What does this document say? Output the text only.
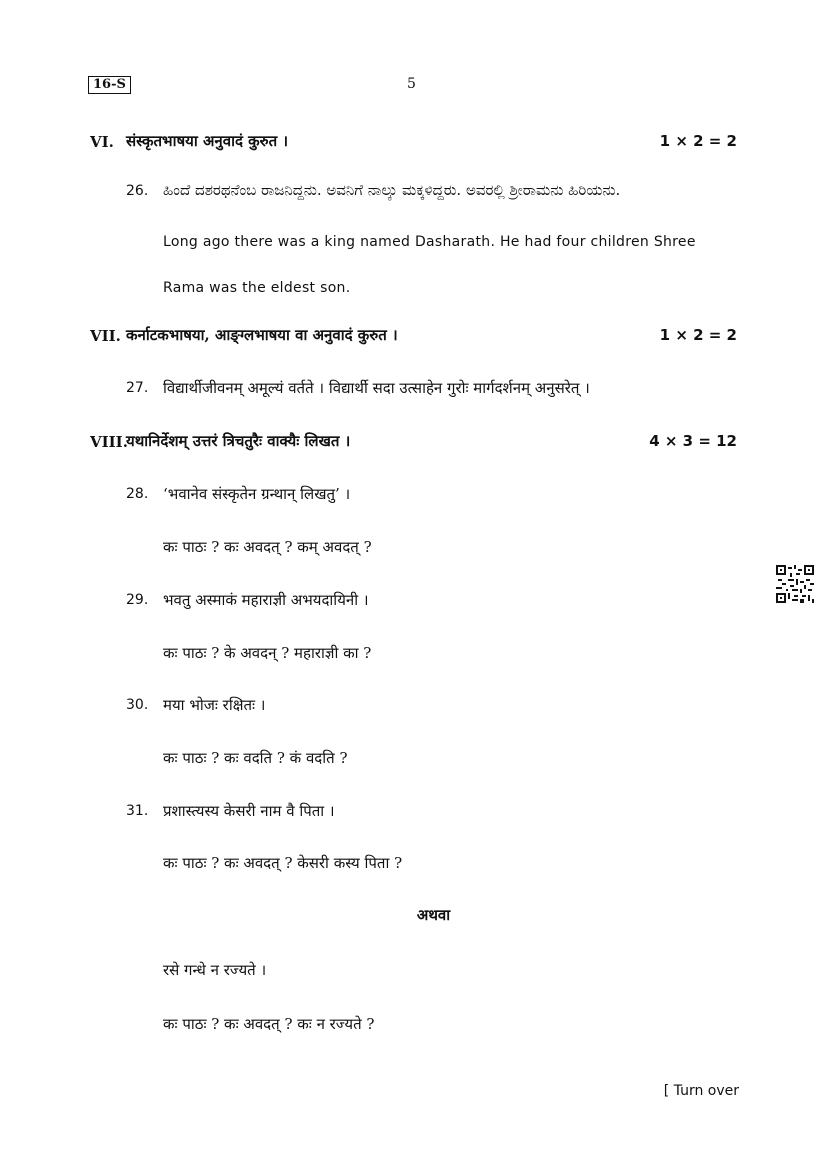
16-S	5
VI. संस्कृतभाषया अनुवादं कुरुत ।	1 × 2 = 2
26. ಹಿಂದೆ ದಶರಥನೆಂಬ ರಾಜನಿದ್ದನು. ಅವನಿಗೆ ನಾಲ್ಕು ಮಕ್ಕಳಿದ್ದರು. ಅವರಲ್ಲಿ ಶ್ರೀರಾಮನು ಹಿರಿಯನು.
Long ago there was a king named Dasharath. He had four children Shree
Rama was the eldest son.
VII. कर्नाटकभाषया, आङ्ग्लभाषया वा अनुवादं कुरुत ।	1 × 2 = 2
27. विद्यार्थीजीवनम् अमूल्यं वर्तते । विद्यार्थी सदा उत्साहेन गुरोः मार्गदर्शनम् अनुसरेत् ।
VIII.
यथानिर्देशम् उत्तरं त्रिचतुरैः वाक्यैः लिखत ।	4 × 3 = 12
28. ‘भवानेव संस्कृतेन ग्रन्थान् लिखतु’ ।
कः पाठः ? कः अवदत् ? कम् अवदत् ?
29. भवतु अस्माकं महाराज्ञी अभयदायिनी ।
कः पाठः ? के अवदन् ? महाराज्ञी का ?
30. मया भोजः रक्षितः ।
कः पाठः ? कः वदति ? कं वदति ?
31. प्रशास्त्यस्य केसरी नाम वै पिता ।
कः पाठः ? कः अवदत् ? केसरी कस्य पिता ?
अथवा
रसे गन्धे न रज्यते ।
कः पाठः ? कः अवदत् ? कः न रज्यते ?
[ Turn over
